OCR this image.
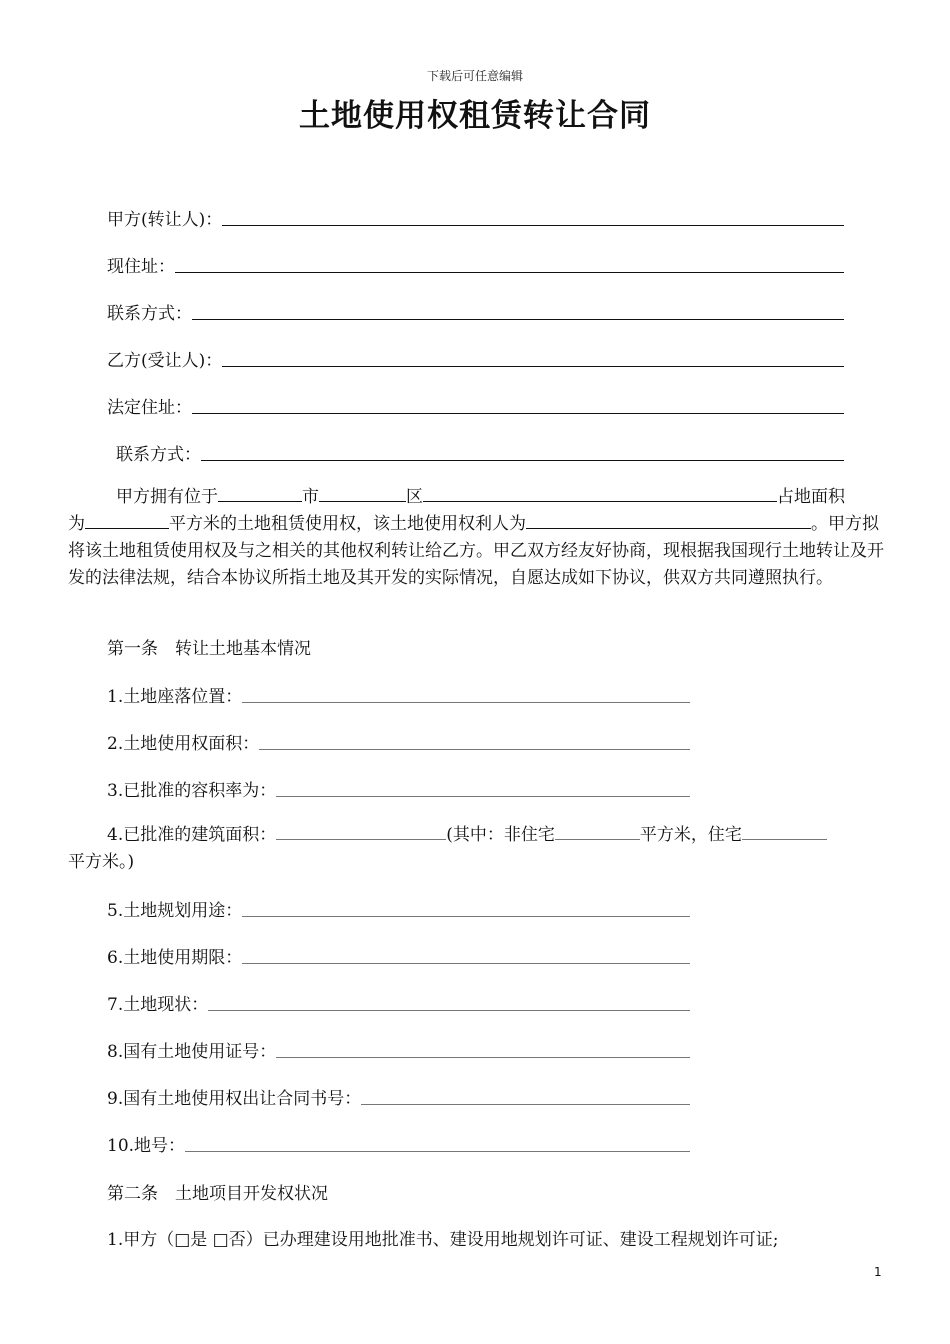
下载后可任意编辑
土地使用权租赁转让合同
甲方(转让人)：
现住址：
联系方式：
乙方(受让人)：
法定住址：
联系方式：
甲方拥有位于	市	区	占地面积
为	平方米的土地租赁使用权，该土地使用权利人为	。甲方拟将该土地租赁使用权及与之相关的其他权利转让给乙方。甲乙双方经友好协商，现根据我国现行土地转让及开发的法律法规，结合本协议所指土地及其开发的实际情况，自愿达成如下协议，供双方共同遵照执行。
第一条　转让土地基本情况
1.土地座落位置：
2.土地使用权面积：
3.已批准的容积率为：
4.已批准的建筑面积：	(其中：非住宅	平方米，住宅
平方米。)
5.土地规划用途：
6.土地使用期限：
7.土地现状：
8.国有土地使用证号：
9.国有土地使用权出让合同书号：
10.地号：
第二条　土地项目开发权状况
1.甲方（□是 □否）已办理建设用地批准书、建设用地规划许可证、建设工程规划许可证;
1
